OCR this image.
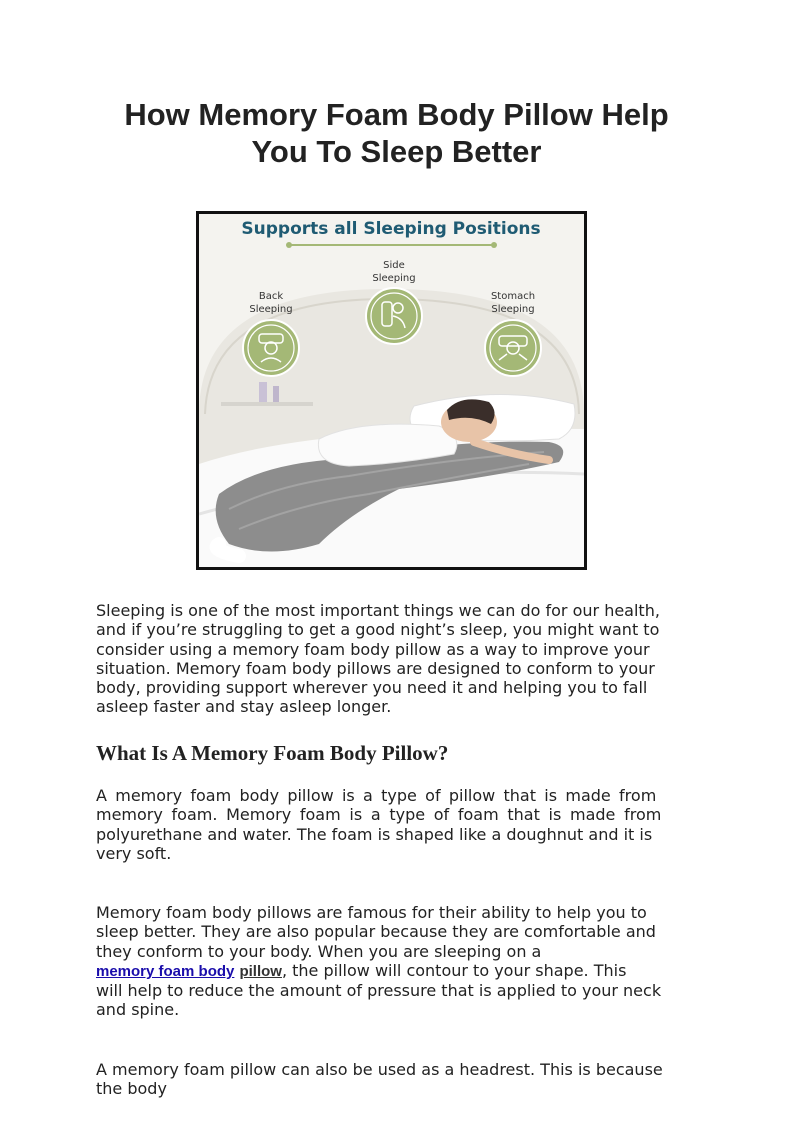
How Memory Foam Body Pillow Help
You To Sleep Better
Supports all Sleeping Positions
Side
Sleeping
Back
Sleeping
Stomach
Sleeping
Sleeping is one of the most important things we can do for our health,
and if you’re struggling to get a good night’s sleep, you might want to
consider using a memory foam body pillow as a way to improve your
situation. Memory foam body pillows are designed to conform to your
body, providing support wherever you need it and helping you to fall
asleep faster and stay asleep longer.
What Is A Memory Foam Body Pillow?
A memory foam body pillow is a type of pillow that is made from
memory foam. Memory foam is a type of foam that is made from
polyurethane and water. The foam is shaped like a doughnut and it is
very soft.
Memory foam body pillows are famous for their ability to help you to
sleep better. They are also popular because they are comfortable and
they conform to your body. When you are sleeping on a
memory foam body pillow, the pillow will contour to your shape. This
will help to reduce the amount of pressure that is applied to your neck
and spine.
A memory foam pillow can also be used as a headrest. This is because
the body
